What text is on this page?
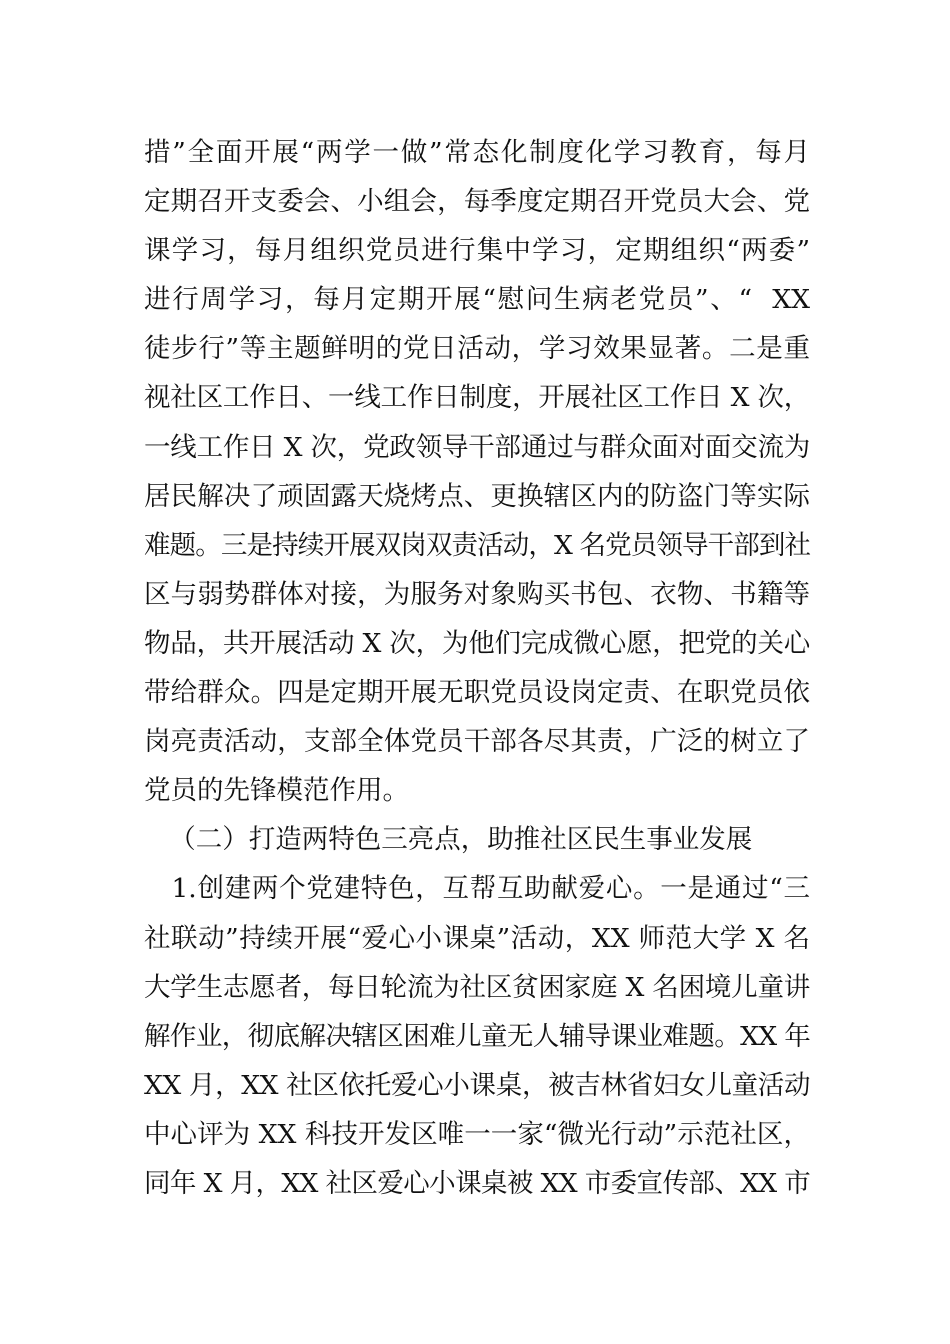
措”全面开展“两学一做”常态化制度化学习教育，每月
定期召开支委会、小组会，每季度定期召开党员大会、党
课学习，每月组织党员进行集中学习，定期组织“两委”
进行周学习，每月定期开展“慰问生病老党员”、“  XX
徒步行”等主题鲜明的党日活动，学习效果显著。二是重
视社区工作日、一线工作日制度，开展社区工作日 X 次，
一线工作日 X 次，党政领导干部通过与群众面对面交流为
居民解决了顽固露天烧烤点、更换辖区内的防盗门等实际
难题。三是持续开展双岗双责活动，X 名党员领导干部到社
区与弱势群体对接，为服务对象购买书包、衣物、书籍等
物品，共开展活动 X 次，为他们完成微心愿，把党的关心
带给群众。四是定期开展无职党员设岗定责、在职党员依
岗亮责活动，支部全体党员干部各尽其责，广泛的树立了
党员的先锋模范作用。
（二）打造两特色三亮点，助推社区民生事业发展
1.创建两个党建特色，互帮互助献爱心。一是通过“三
社联动”持续开展“爱心小课桌”活动，XX 师范大学 X 名
大学生志愿者，每日轮流为社区贫困家庭 X 名困境儿童讲
解作业，彻底解决辖区困难儿童无人辅导课业难题。XX 年
XX 月，XX 社区依托爱心小课桌，被吉林省妇女儿童活动
中心评为 XX 科技开发区唯一一家“微光行动”示范社区，
同年 X 月，XX 社区爱心小课桌被 XX 市委宣传部、XX 市
